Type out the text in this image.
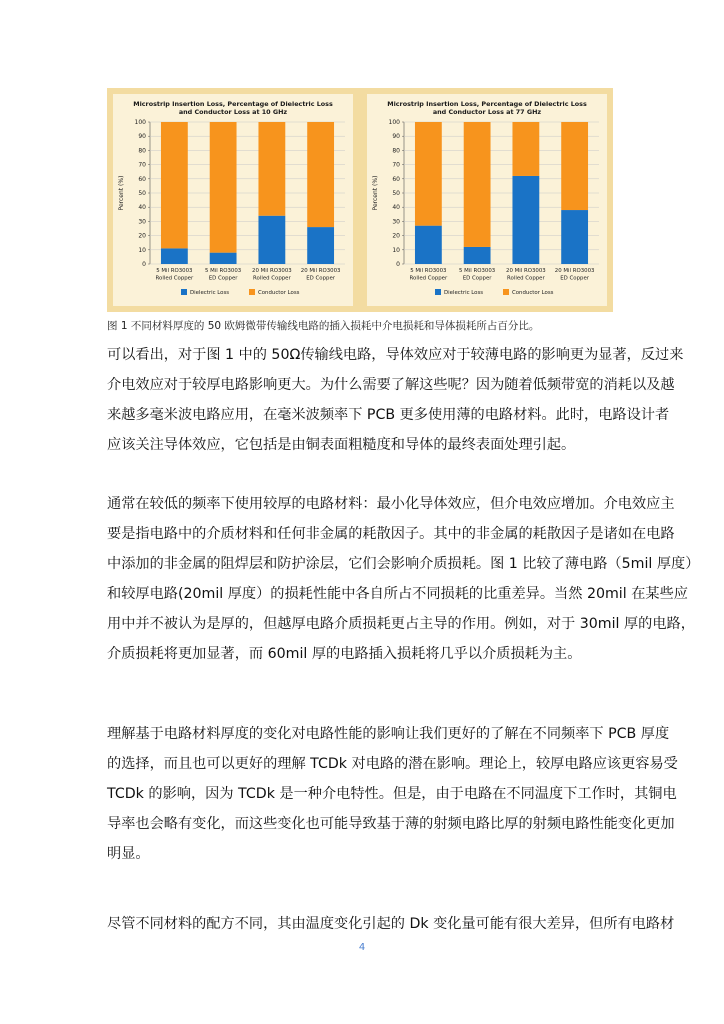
Microstrip Insertion Loss, Percentage of Dielectric Loss
and Conductor Loss at 10 GHz
0
10
20
30
40
50
60
70
80
90
100
Percent (%)
5 Mil RO3003
Rolled Copper
5 Mil RO3003
ED Copper
20 Mil RO3003
Rolled Copper
20 Mil RO3003
ED Copper
Dielectric Loss	Conductor Loss
Microstrip Insertion Loss, Percentage of Dielectric Loss
and Conductor Loss at 77 GHz
0
10
20
30
40
50
60
70
80
90
100
Percent (%)
5 Mil RO3003
Rolled Copper
5 Mil RO3003
ED Copper
20 Mil RO3003
Rolled Copper
20 Mil RO3003
ED Copper
Dielectric Loss	Conductor Loss
图 1 不同材料厚度的 50 欧姆微带传输线电路的插入损耗中介电损耗和导体损耗所占百分比。
可以看出，对于图 1 中的 50Ω传输线电路，导体效应对于较薄电路的影响更为显著，反过来
介电效应对于较厚电路影响更大。为什么需要了解这些呢？因为随着低频带宽的消耗以及越
来越多毫米波电路应用，在毫米波频率下 PCB 更多使用薄的电路材料。此时，电路设计者
应该关注导体效应，它包括是由铜表面粗糙度和导体的最终表面处理引起。
通常在较低的频率下使用较厚的电路材料：最小化导体效应，但介电效应增加。介电效应主
要是指电路中的介质材料和任何非金属的耗散因子。其中的非金属的耗散因子是诸如在电路
中添加的非金属的阻焊层和防护涂层，它们会影响介质损耗。图 1 比较了薄电路（5mil 厚度）
和较厚电路(20mil 厚度）的损耗性能中各自所占不同损耗的比重差异。当然 20mil 在某些应
用中并不被认为是厚的，但越厚电路介质损耗更占主导的作用。例如，对于 30mil 厚的电路，
介质损耗将更加显著，而 60mil 厚的电路插入损耗将几乎以介质损耗为主。
理解基于电路材料厚度的变化对电路性能的影响让我们更好的了解在不同频率下 PCB 厚度
的选择，而且也可以更好的理解 TCDk 对电路的潜在影响。理论上，较厚电路应该更容易受
TCDk 的影响，因为 TCDk 是一种介电特性。但是，由于电路在不同温度下工作时，其铜电
导率也会略有变化，而这些变化也可能导致基于薄的射频电路比厚的射频电路性能变化更加
明显。
尽管不同材料的配方不同，其由温度变化引起的 Dk 变化量可能有很大差异，但所有电路材
4
